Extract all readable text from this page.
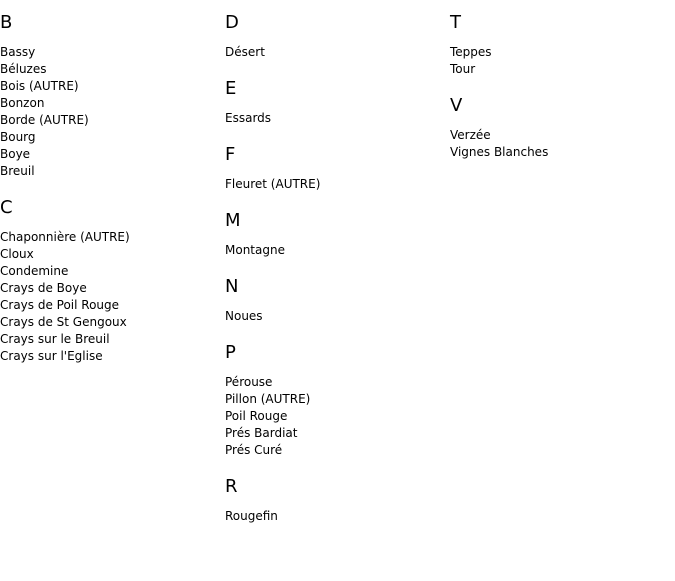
B
Bassy
Béluzes
Bois (AUTRE)
Bonzon
Borde (AUTRE)
Bourg
Boye
Breuil
C
Chaponnière (AUTRE)
Cloux
Condemine
Crays de Boye
Crays de Poil Rouge
Crays de St Gengoux
Crays sur le Breuil
Crays sur l'Eglise
D
Désert
E
Essards
F
Fleuret (AUTRE)
M
Montagne
N
Noues
P
Pérouse
Pillon (AUTRE)
Poil Rouge
Prés Bardiat
Prés Curé
R
Rougefin
T
Teppes
Tour
V
Verzée
Vignes Blanches
